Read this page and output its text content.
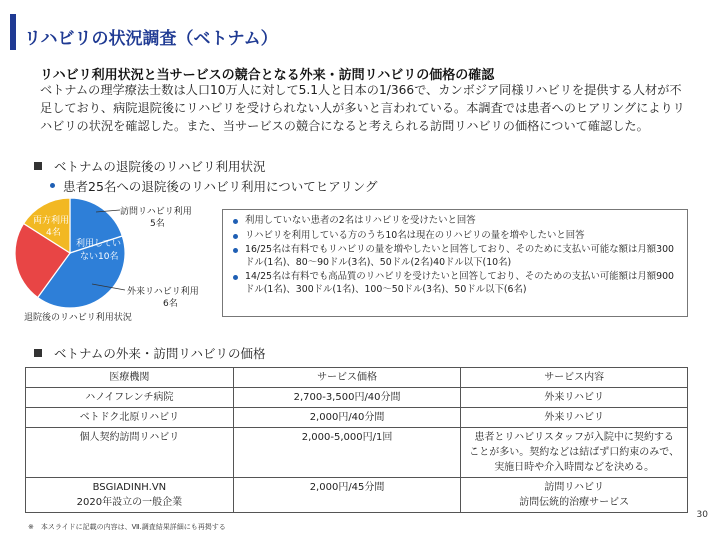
リハビリの状況調査（ベトナム）
リハビリ利用状況と当サービスの競合となる外来・訪問リハビリの価格の確認
ベトナムの理学療法士数は人口10万人に対して5.1人と日本の1/366で、カンボジア同様リハビリを提供する人材が不足しており、病院退院後にリハビリを受けられない人が多いと言われている。本調査では患者へのヒアリングによりリハビリの状況を確認した。また、当サービスの競合になると考えられる訪問リハビリの価格について確認した。
ベトナムの退院後のリハビリ利用状況
患者25名への退院後のリハビリ利用についてヒアリング
訪問リハビリ利用
5名
利用してい
ない10名
両方利用
4名
外来リハビリ利用
6名
退院後のリハビリ利用状況
利用していない患者の2名はリハビリを受けたいと回答
リハビリを利用している方のうち10名は現在のリハビリの量を増やしたいと回答
16/25名は有料でもリハビリの量を増やしたいと回答しており、そのために支払い可能な額は月額300ドル(1名)、80～90ドル(3名)、50ドル(2名)40ドル以下(10名)
14/25名は有料でも高品質のリハビリを受けたいと回答しており、そのための支払い可能額は月額900ドル(1名)、300ドル(1名)、100～50ドル(3名)、50ドル以下(6名)
ベトナムの外来・訪問リハビリの価格
医療機関	サービス価格	サービス内容
ハノイフレンチ病院	2,700-3,500円/40分間	外来リハビリ
ベトドク北原リハビリ	2,000円/40分間	外来リハビリ
個人契約訪問リハビリ	2,000-5,000円/1回	患者とリハビリスタッフが入院中に契約する
ことが多い。契約などは結ばず口約束のみで、
実施日時や介入時間などを決める。

BSGIADINH.VN
2020年設立の一般企業	2,000円/45分間	訪問リハビリ
訪問伝統的治療サービス
※　本スライドに記載の内容は、Ⅶ.調査結果詳細にも再掲する
30
